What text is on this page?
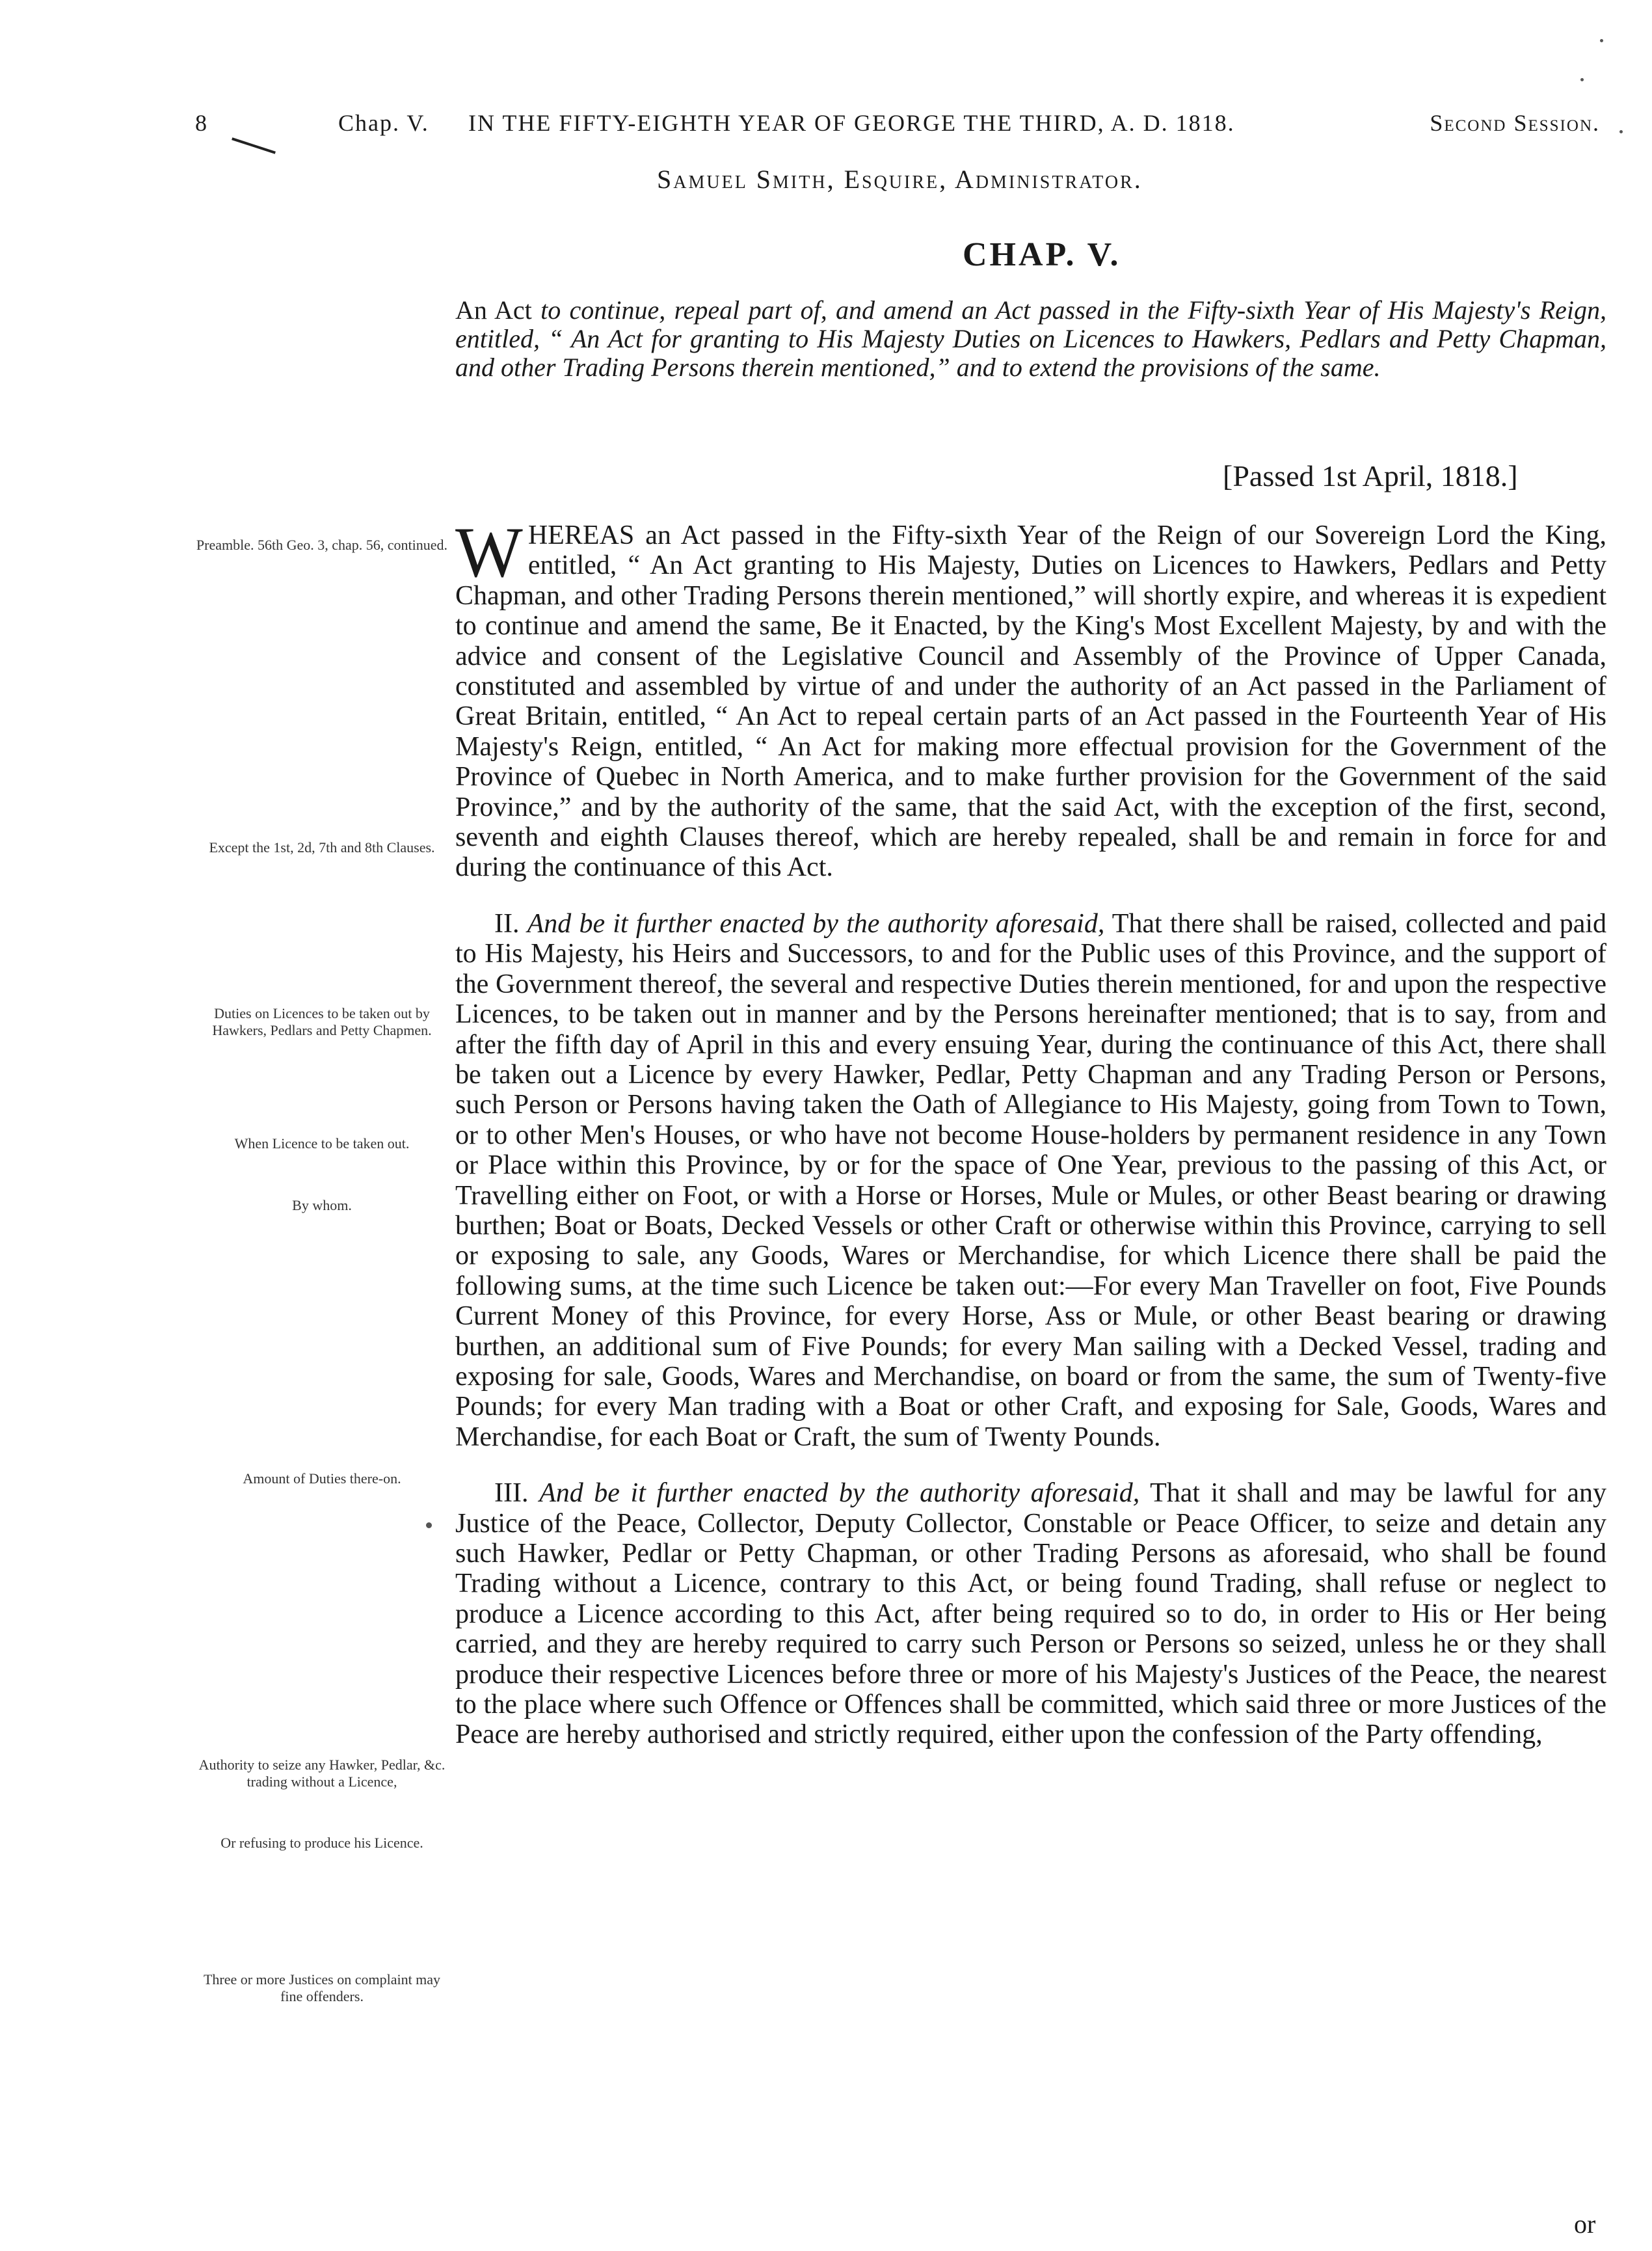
8	Chap. V. IN THE FIFTY-EIGHTH YEAR OF GEORGE THE THIRD, A. D. 1818.	Second Session.
Samuel Smith, Esquire, Administrator.
CHAP. V.
An Act to continue, repeal part of, and amend an Act passed in the Fifty-sixth Year of His Majesty's Reign, entitled, “ An Act for granting to His Majesty Duties on Licences to Hawkers, Pedlars and Petty Chapman, and other Trading Persons therein mentioned,” and to extend the provisions of the same.
[Passed 1st April, 1818.]
Preamble. 56th Geo. 3, chap. 56, continued.
Except the 1st, 2d, 7th and 8th Clauses.
Duties on Licences to be taken out by Hawkers, Pedlars and Petty Chapmen.
When Licence to be taken out.
By whom.
Amount of Duties there-on.
Authority to seize any Hawker, Pedlar, &c. trading without a Licence,
Or refusing to produce his Licence.
Three or more Justices on complaint may fine offenders.

W HEREAS an Act passed in the Fifty-sixth Year of the Reign of our Sovereign Lord the King, entitled, “ An Act granting to His Majesty, Duties on Licences to Hawkers, Pedlars and Petty Chapman, and other Trading Persons therein mentioned,” will shortly expire, and whereas it is expedient to continue and amend the same, Be it Enacted, by the King's Most Excellent Majesty, by and with the advice and consent of the Legislative Council and Assembly of the Province of Upper Canada, constituted and assembled by virtue of and under the authority of an Act passed in the Parliament of Great Britain, entitled, “ An Act to repeal certain parts of an Act passed in the Fourteenth Year of His Majesty's Reign, entitled, “ An Act for making more effectual provision for the Government of the Province of Quebec in North America, and to make further provision for the Government of the said Province,” and by the authority of the same, that the said Act, with the exception of the first, second, seventh and eighth Clauses thereof, which are hereby repealed, shall be and remain in force for and during the continuance of this Act.

II. And be it further enacted by the authority aforesaid, That there shall be raised, collected and paid to His Majesty, his Heirs and Successors, to and for the Public uses of this Province, and the support of the Government thereof, the several and respective Duties therein mentioned, for and upon the respective Licences, to be taken out in manner and by the Persons hereinafter mentioned; that is to say, from and after the fifth day of April in this and every ensuing Year, during the continuance of this Act, there shall be taken out a Licence by every Hawker, Pedlar, Petty Chapman and any Trading Person or Persons, such Person or Persons having taken the Oath of Allegiance to His Majesty, going from Town to Town, or to other Men's Houses, or who have not become House-holders by permanent residence in any Town or Place within this Province, by or for the space of One Year, previous to the passing of this Act, or Travelling either on Foot, or with a Horse or Horses, Mule or Mules, or other Beast bearing or drawing burthen; Boat or Boats, Decked Vessels or other Craft or otherwise within this Province, carrying to sell or exposing to sale, any Goods, Wares or Merchandise, for which Licence there shall be paid the following sums, at the time such Licence be taken out:—For every Man Traveller on foot, Five Pounds Current Money of this Province, for every Horse, Ass or Mule, or other Beast bearing or drawing burthen, an additional sum of Five Pounds; for every Man sailing with a Decked Vessel, trading and exposing for sale, Goods, Wares and Merchandise, on board or from the same, the sum of Twenty-five Pounds; for every Man trading with a Boat or other Craft, and exposing for Sale, Goods, Wares and Merchandise, for each Boat or Craft, the sum of Twenty Pounds.

III. And be it further enacted by the authority aforesaid, That it shall and may be lawful for any Justice of the Peace, Collector, Deputy Collector, Constable or Peace Officer, to seize and detain any such Hawker, Pedlar or Petty Chapman, or other Trading Persons as aforesaid, who shall be found Trading without a Licence, contrary to this Act, or being found Trading, shall refuse or neglect to produce a Licence according to this Act, after being required so to do, in order to His or Her being carried, and they are hereby required to carry such Person or Persons so seized, unless he or they shall produce their respective Licences before three or more of his Majesty's Justices of the Peace, the nearest to the place where such Offence or Offences shall be committed, which said three or more Justices of the Peace are hereby authorised and strictly required, either upon the confession of the Party offending,

or
